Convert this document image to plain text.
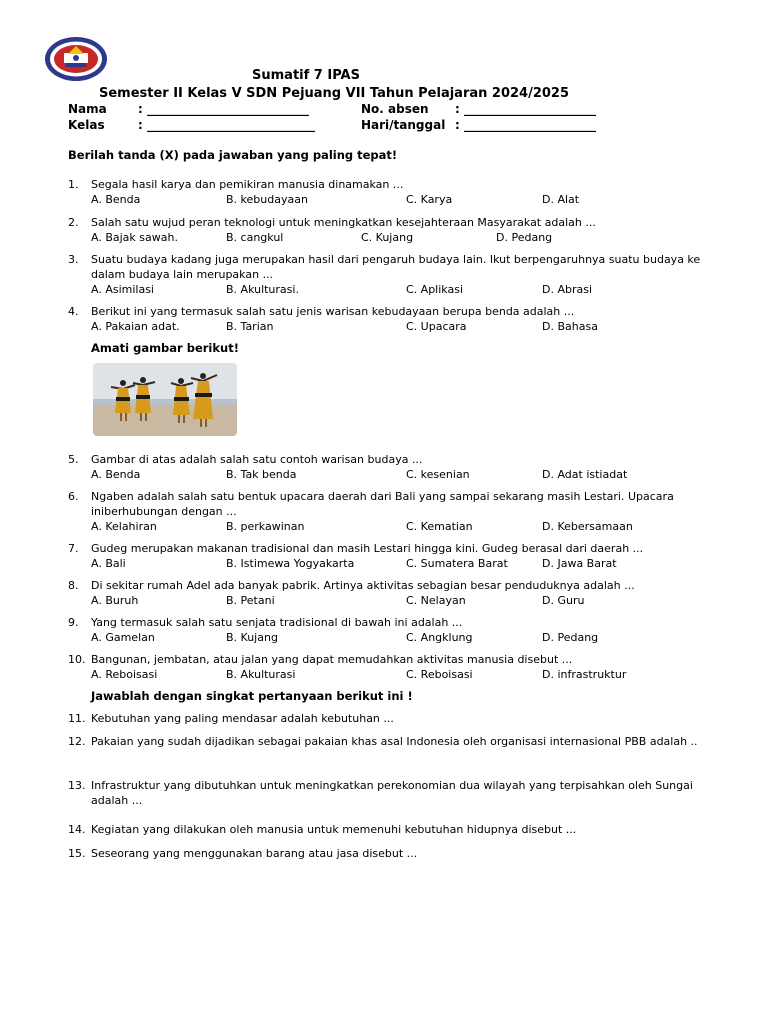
Sumatif 7 IPAS
Semester II Kelas V SDN Pejuang VII Tahun Pelajaran 2024/2025
Nama	: ___________________________	No. absen : ______________________
Kelas	: ____________________________	Hari/tanggal : ______________________
Berilah tanda (X) pada jawaban yang paling tepat!
1. Segala hasil karya dan pemikiran manusia dinamakan ...
A. Benda	B. kebudayaan	C. Karya	D. Alat
2. Salah satu wujud peran teknologi untuk meningkatkan kesejahteraan Masyarakat adalah ...
A. Bajak sawah.	B. cangkul	C. Kujang	D. Pedang
3. Suatu budaya kadang juga merupakan hasil dari pengaruh budaya lain. Ikut berpengaruhnya suatu budaya ke dalam budaya lain merupakan ...
A. Asimilasi	B. Akulturasi.	C. Aplikasi	D. Abrasi
4. Berikut ini yang termasuk salah satu jenis warisan kebudayaan berupa benda adalah ...
A. Pakaian adat.	B. Tarian	C. Upacara	D. Bahasa
Amati gambar berikut!
5. Gambar di atas adalah salah satu contoh warisan budaya ...
A. Benda	B. Tak benda	C. kesenian	D. Adat istiadat
6. Ngaben adalah salah satu bentuk upacara daerah dari Bali yang sampai sekarang masih Lestari. Upacara iniberhubungan dengan ...
A. Kelahiran	B. perkawinan	C. Kematian	D. Kebersamaan
7. Gudeg merupakan makanan tradisional dan masih Lestari hingga kini. Gudeg berasal dari daerah ...
A. Bali	B. Istimewa Yogyakarta	C. Sumatera Barat	D. Jawa Barat
8. Di sekitar rumah Adel ada banyak pabrik. Artinya aktivitas sebagian besar penduduknya adalah ...
A. Buruh	B. Petani	C. Nelayan	D. Guru
9. Yang termasuk salah satu senjata tradisional di bawah ini adalah ...
A. Gamelan	B. Kujang	C. Angklung	D. Pedang
10. Bangunan, jembatan, atau jalan yang dapat memudahkan aktivitas manusia disebut ...
A. Reboisasi	B. Akulturasi	C. Reboisasi	D. infrastruktur
Jawablah dengan singkat pertanyaan berikut ini !
11. Kebutuhan yang paling mendasar adalah kebutuhan ...
12. Pakaian yang sudah dijadikan sebagai pakaian khas asal Indonesia oleh organisasi internasional PBB adalah ..
13. Infrastruktur yang dibutuhkan untuk meningkatkan perekonomian dua wilayah yang terpisahkan oleh Sungai adalah ...
14. Kegiatan yang dilakukan oleh manusia untuk memenuhi kebutuhan hidupnya disebut ...
15. Seseorang yang menggunakan barang atau jasa disebut ...
